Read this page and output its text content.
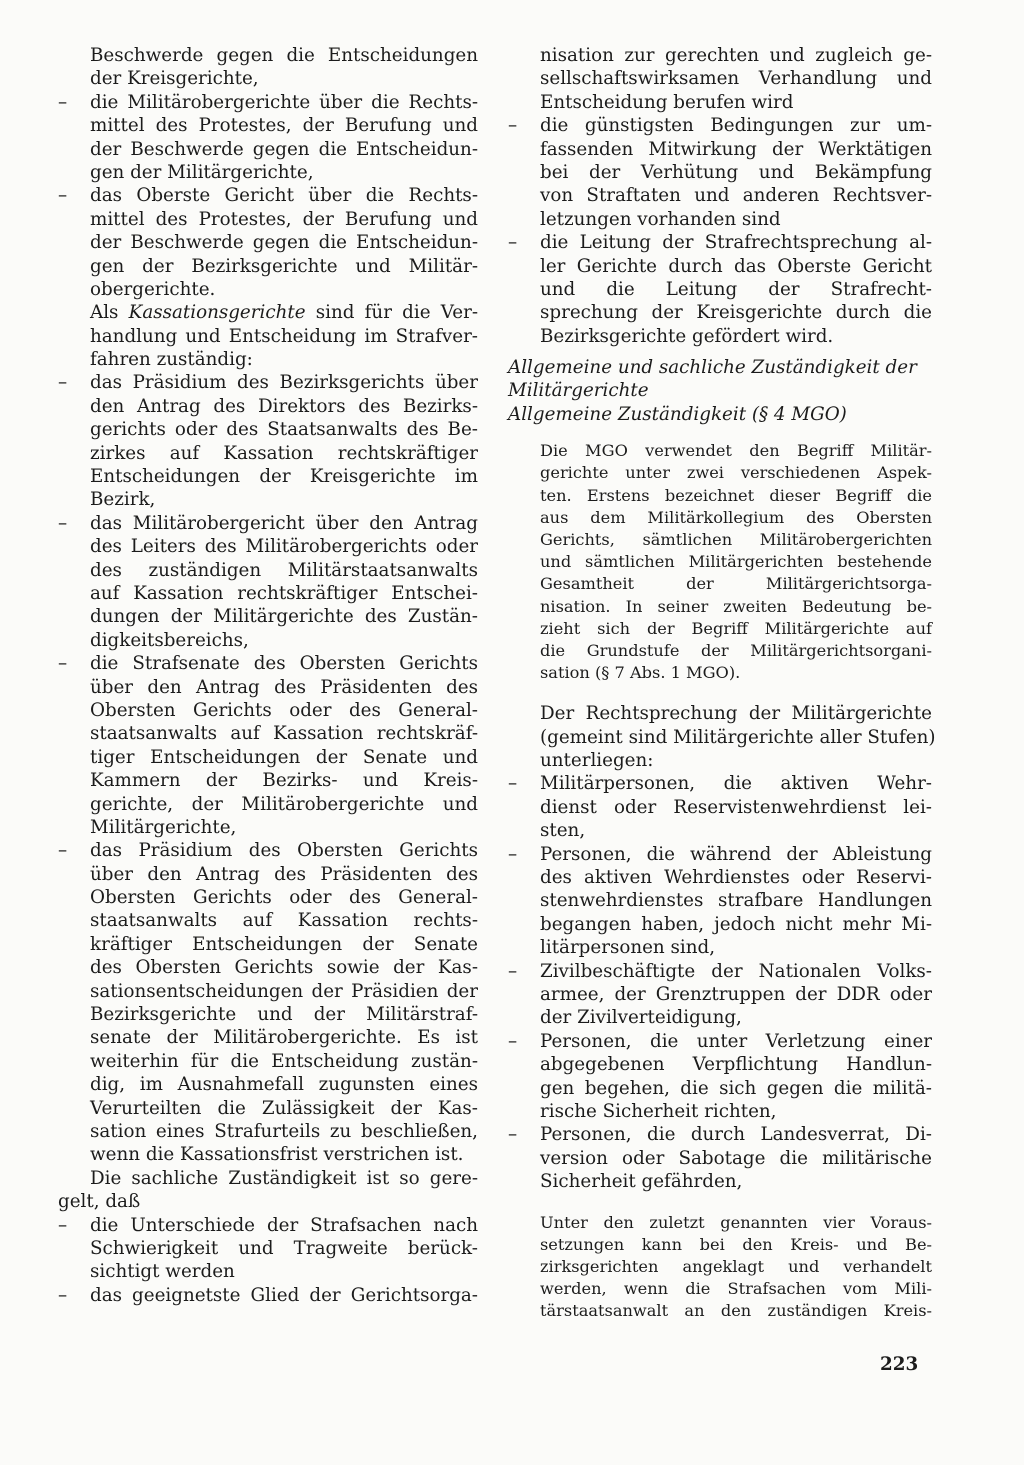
Beschwerde gegen die Entscheidungen
der Kreisgerichte,
– die Militärobergerichte über die Rechts-
mittel des Protestes, der Berufung und
der Beschwerde gegen die Entscheidun-
gen der Militärgerichte,
– das Oberste Gericht über die Rechts-
mittel des Protestes, der Berufung und
der Beschwerde gegen die Entscheidun-
gen der Bezirksgerichte und Militär-
obergerichte.
Als Kassationsgerichte sind für die Ver-
handlung und Entscheidung im Strafver-
fahren zuständig:
– das Präsidium des Bezirksgerichts über
den Antrag des Direktors des Bezirks-
gerichts oder des Staatsanwalts des Be-
zirkes auf Kassation rechtskräftiger
Entscheidungen der Kreisgerichte im
Bezirk,
– das Militärobergericht über den Antrag
des Leiters des Militärobergerichts oder
des zuständigen Militärstaatsanwalts
auf Kassation rechtskräftiger Entschei-
dungen der Militärgerichte des Zustän-
digkeitsbereichs,
– die Strafsenate des Obersten Gerichts
über den Antrag des Präsidenten des
Obersten Gerichts oder des General-
staatsanwalts auf Kassation rechtskräf-
tiger Entscheidungen der Senate und
Kammern der Bezirks- und Kreis-
gerichte, der Militärobergerichte und
Militärgerichte,
– das Präsidium des Obersten Gerichts
über den Antrag des Präsidenten des
Obersten Gerichts oder des General-
staatsanwalts auf Kassation rechts-
kräftiger Entscheidungen der Senate
des Obersten Gerichts sowie der Kas-
sationsentscheidungen der Präsidien der
Bezirksgerichte und der Militärstraf-
senate der Militärobergerichte. Es ist
weiterhin für die Entscheidung zustän-
dig, im Ausnahmefall zugunsten eines
Verurteilten die Zulässigkeit der Kas-
sation eines Strafurteils zu beschließen,
wenn die Kassationsfrist verstrichen ist.
Die sachliche Zuständigkeit ist so gere-
gelt, daß
– die Unterschiede der Strafsachen nach
Schwierigkeit und Tragweite berück-
sichtigt werden
– das geeignetste Glied der Gerichtsorga-
nisation zur gerechten und zugleich ge-
sellschaftswirksamen Verhandlung und
Entscheidung berufen wird
– die günstigsten Bedingungen zur um-
fassenden Mitwirkung der Werktätigen
bei der Verhütung und Bekämpfung
von Straftaten und anderen Rechtsver-
letzungen vorhanden sind
– die Leitung der Strafrechtsprechung al-
ler Gerichte durch das Oberste Gericht
und die Leitung der Strafrecht-
sprechung der Kreisgerichte durch die
Bezirksgerichte gefördert wird.
Allgemeine und sachliche Zuständigkeit der
Militärgerichte
Allgemeine Zuständigkeit (§ 4 MGO)
Die MGO verwendet den Begriff Militär-
gerichte unter zwei verschiedenen Aspek-
ten. Erstens bezeichnet dieser Begriff die
aus dem Militärkollegium des Obersten
Gerichts, sämtlichen Militärobergerichten
und sämtlichen Militärgerichten bestehende
Gesamtheit der Militärgerichtsorga-
nisation. In seiner zweiten Bedeutung be-
zieht sich der Begriff Militärgerichte auf
die Grundstufe der Militärgerichtsorgani-
sation (§ 7 Abs. 1 MGO).
Der Rechtsprechung der Militärgerichte
(gemeint sind Militärgerichte aller Stufen)
unterliegen:
– Militärpersonen, die aktiven Wehr-
dienst oder Reservistenwehrdienst lei-
sten,
– Personen, die während der Ableistung
des aktiven Wehrdienstes oder Reservi-
stenwehrdienstes strafbare Handlungen
begangen haben, jedoch nicht mehr Mi-
litärpersonen sind,
– Zivilbeschäftigte der Nationalen Volks-
armee, der Grenztruppen der DDR oder
der Zivilverteidigung,
– Personen, die unter Verletzung einer
abgegebenen Verpflichtung Handlun-
gen begehen, die sich gegen die militä-
rische Sicherheit richten,
– Personen, die durch Landesverrat, Di-
version oder Sabotage die militärische
Sicherheit gefährden,
Unter den zuletzt genannten vier Voraus-
setzungen kann bei den Kreis- und Be-
zirksgerichten angeklagt und verhandelt
werden, wenn die Strafsachen vom Mili-
tärstaatsanwalt an den zuständigen Kreis-
223
